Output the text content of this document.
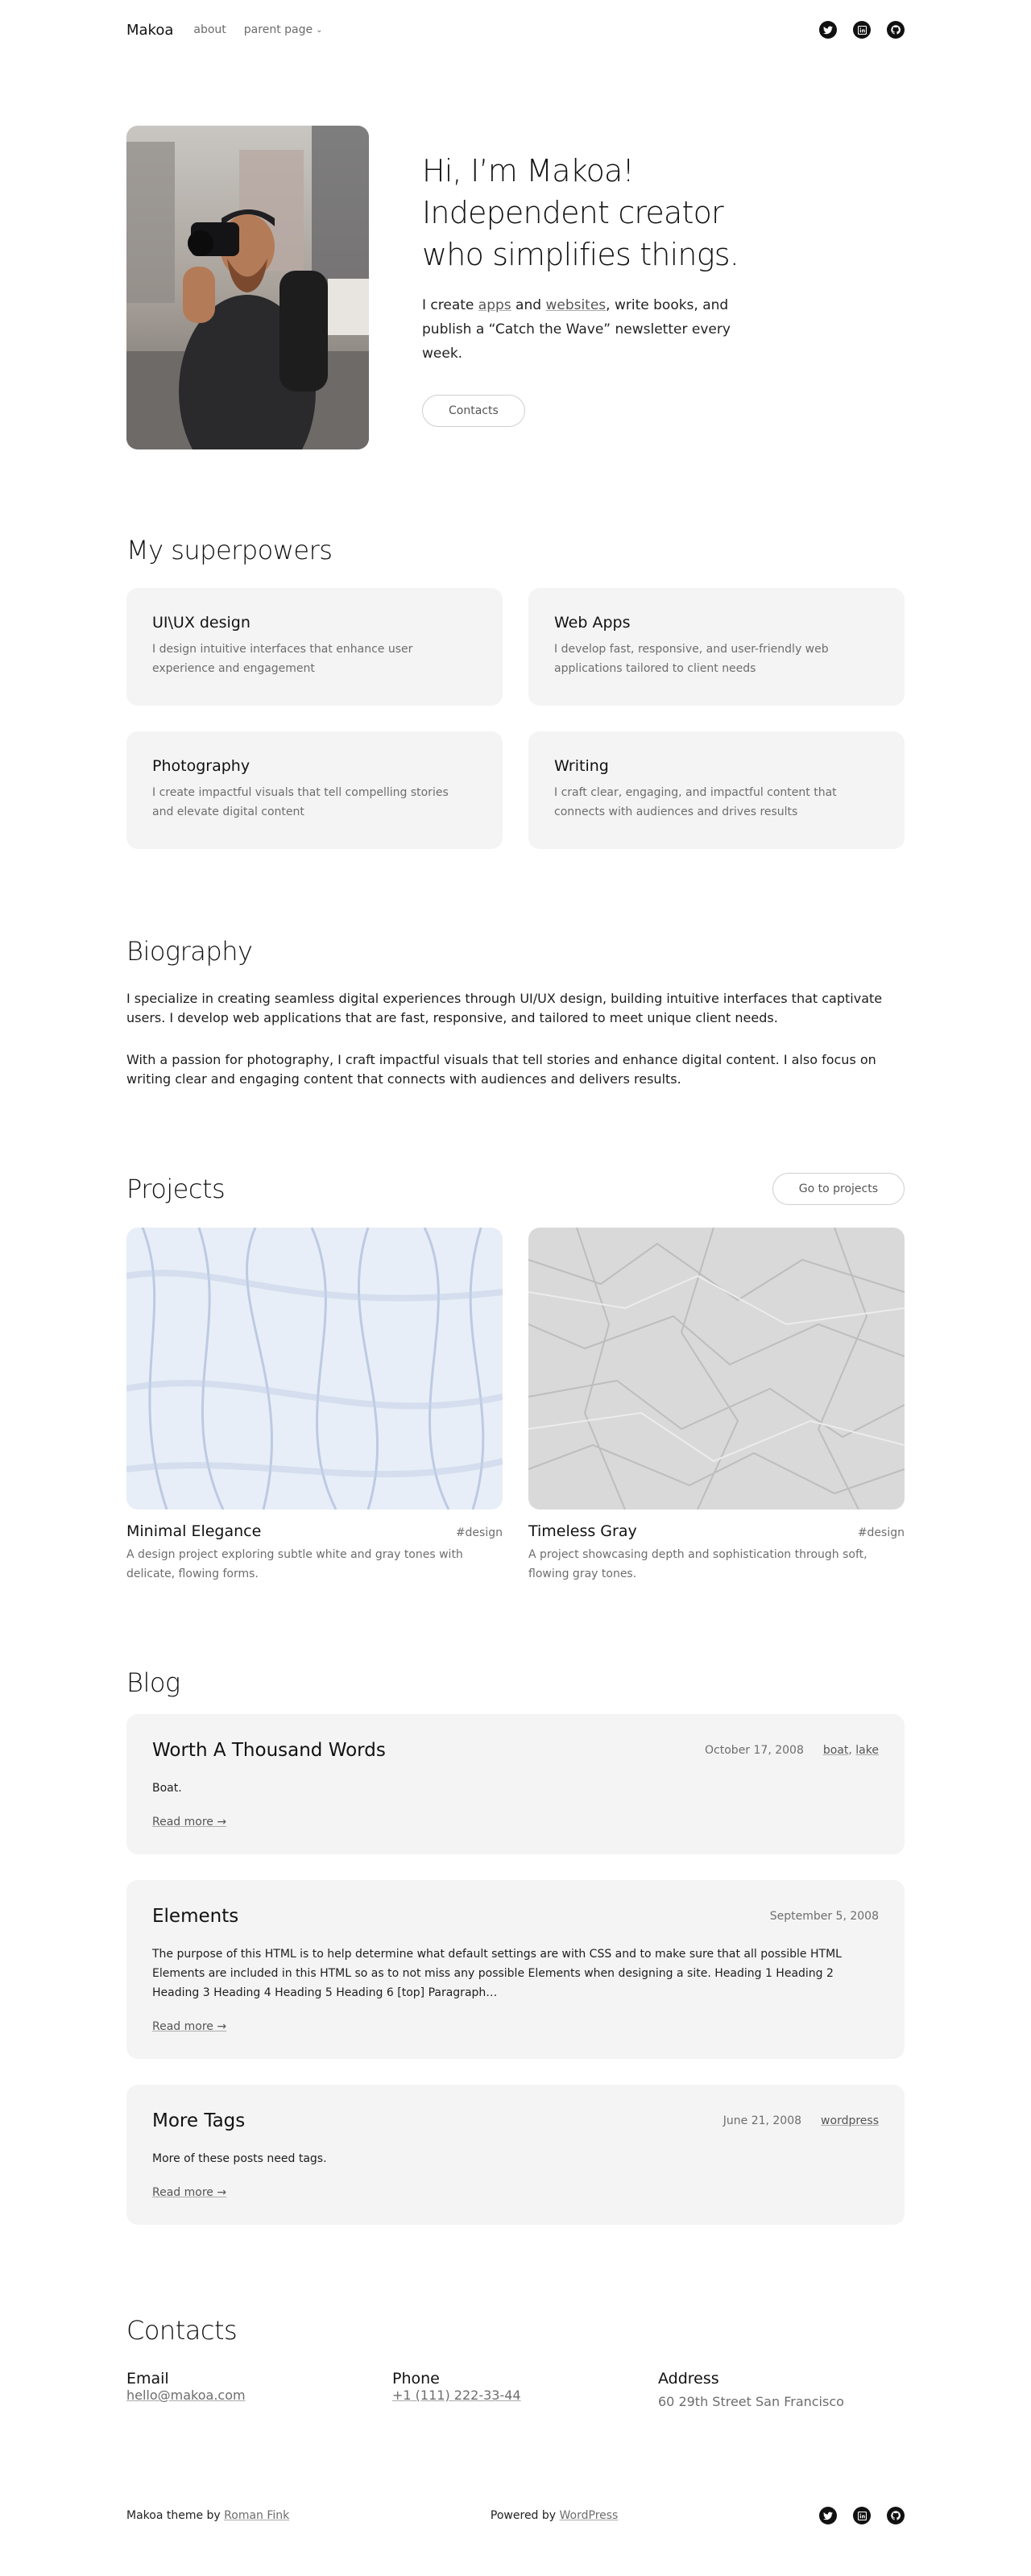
Makoa about parent page ⌄
Hi, I’m Makoa!
Independent creator
who simplifies things.

I create apps and websites, write books, and publish a “Catch the Wave” newsletter every week.

Contacts
My superpowers
UI\UX design
I design intuitive interfaces that enhance user experience and engagement
Web Apps
I develop fast, responsive, and user-friendly web applications tailored to client needs
Photography
I create impactful visuals that tell compelling stories and elevate digital content
Writing
I craft clear, engaging, and impactful content that connects with audiences and drives results
Biography

I specialize in creating seamless digital experiences through UI/UX design, building intuitive interfaces that captivate users. I develop web applications that are fast, responsive, and tailored to meet unique client needs.

With a passion for photography, I craft impactful visuals that tell stories and enhance digital content. I also focus on writing clear and engaging content that connects with audiences and delivers results.

Projects	Go to projects
Minimal Elegance	#design

A design project exploring subtle white and gray tones with delicate, flowing forms.

Timeless Gray	#design

A project showcasing depth and sophistication through soft, flowing gray tones.

Blog
Worth A Thousand Words	October 17, 2008 boat, lake

Boat.

Read more →
Elements	September 5, 2008

The purpose of this HTML is to help determine what default settings are with CSS and to make sure that all possible HTML Elements are included in this HTML so as to not miss any possible Elements when designing a site. Heading 1 Heading 2 Heading 3 Heading 4 Heading 5 Heading 6 [top] Paragraph…

Read more →
More Tags	June 21, 2008 wordpress

More of these posts need tags.

Read more →
Contacts
Email
hello@makoa.com
Phone
+1 (111) 222-33-44
Address
60 29th Street San Francisco
Makoa theme by Roman Fink	Powered by WordPress
